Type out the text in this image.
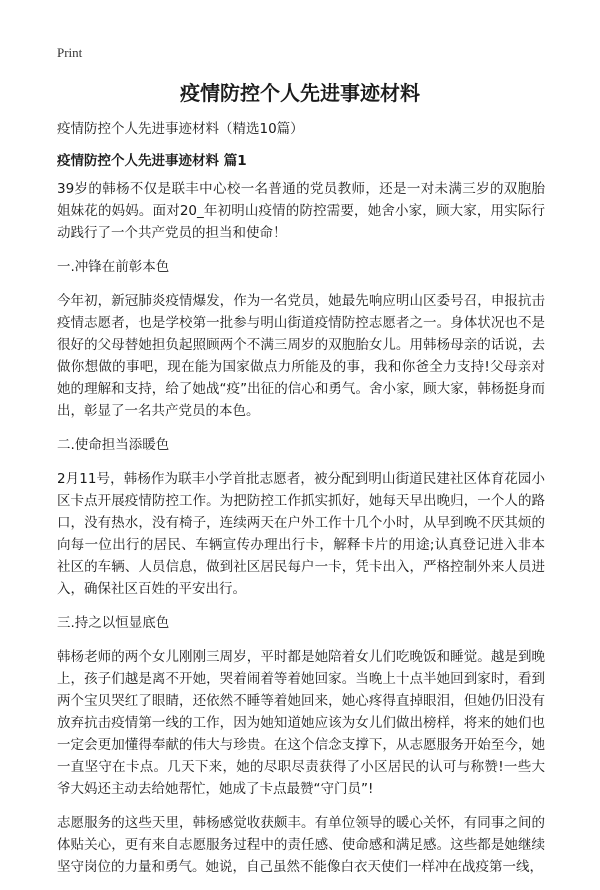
Print
疫情防控个人先进事迹材料

疫情防控个人先进事迹材料（精选10篇）

疫情防控个人先进事迹材料 篇1

39岁的韩杨不仅是联丰中心校一名普通的党员教师，还是一对未满三岁的双胞胎姐妹花的妈妈。面对20_年初明山疫情的防控需要，她舍小家，顾大家，用实际行动践行了一个共产党员的担当和使命！

一.冲锋在前彰本色

今年初，新冠肺炎疫情爆发，作为一名党员，她最先响应明山区委号召，申报抗击疫情志愿者，也是学校第一批参与明山街道疫情防控志愿者之一。身体状况也不是很好的父母替她担负起照顾两个不满三周岁的双胞胎女儿。用韩杨母亲的话说，去做你想做的事吧，现在能为国家做点力所能及的事，我和你爸全力支持!父母亲对她的理解和支持，给了她战“疫”出征的信心和勇气。舍小家，顾大家，韩杨挺身而出，彰显了一名共产党员的本色。

二.使命担当添暖色

2月11号，韩杨作为联丰小学首批志愿者，被分配到明山街道民建社区体育花园小区卡点开展疫情防控工作。为把防控工作抓实抓好，她每天早出晚归，一个人的路口，没有热水，没有椅子，连续两天在户外工作十几个小时，从早到晚不厌其烦的向每一位出行的居民、车辆宣传办理出行卡，解释卡片的用途;认真登记进入非本社区的车辆、人员信息，做到社区居民每户一卡，凭卡出入，严格控制外来人员进入，确保社区百姓的平安出行。

三.持之以恒显底色

韩杨老师的两个女儿刚刚三周岁，平时都是她陪着女儿们吃晚饭和睡觉。越是到晚上，孩子们越是离不开她，哭着闹着等着她回家。当晚上十点半她回到家时，看到两个宝贝哭红了眼睛，还依然不睡等着她回来，她心疼得直掉眼泪，但她仍旧没有放弃抗击疫情第一线的工作，因为她知道她应该为女儿们做出榜样，将来的她们也一定会更加懂得奉献的伟大与珍贵。在这个信念支撑下，从志愿服务开始至今，她一直坚守在卡点。几天下来，她的尽职尽责获得了小区居民的认可与称赞!一些大爷大妈还主动去给她帮忙，她成了卡点最赞“守门员”!

志愿服务的这些天里，韩杨感觉收获颇丰。有单位领导的暖心关怀，有同事之间的体贴关心，更有来自志愿服务过程中的责任感、使命感和满足感。这些都是她继续坚守岗位的力量和勇气。她说，自己虽然不能像白衣天使们一样冲在战疫第一线，
